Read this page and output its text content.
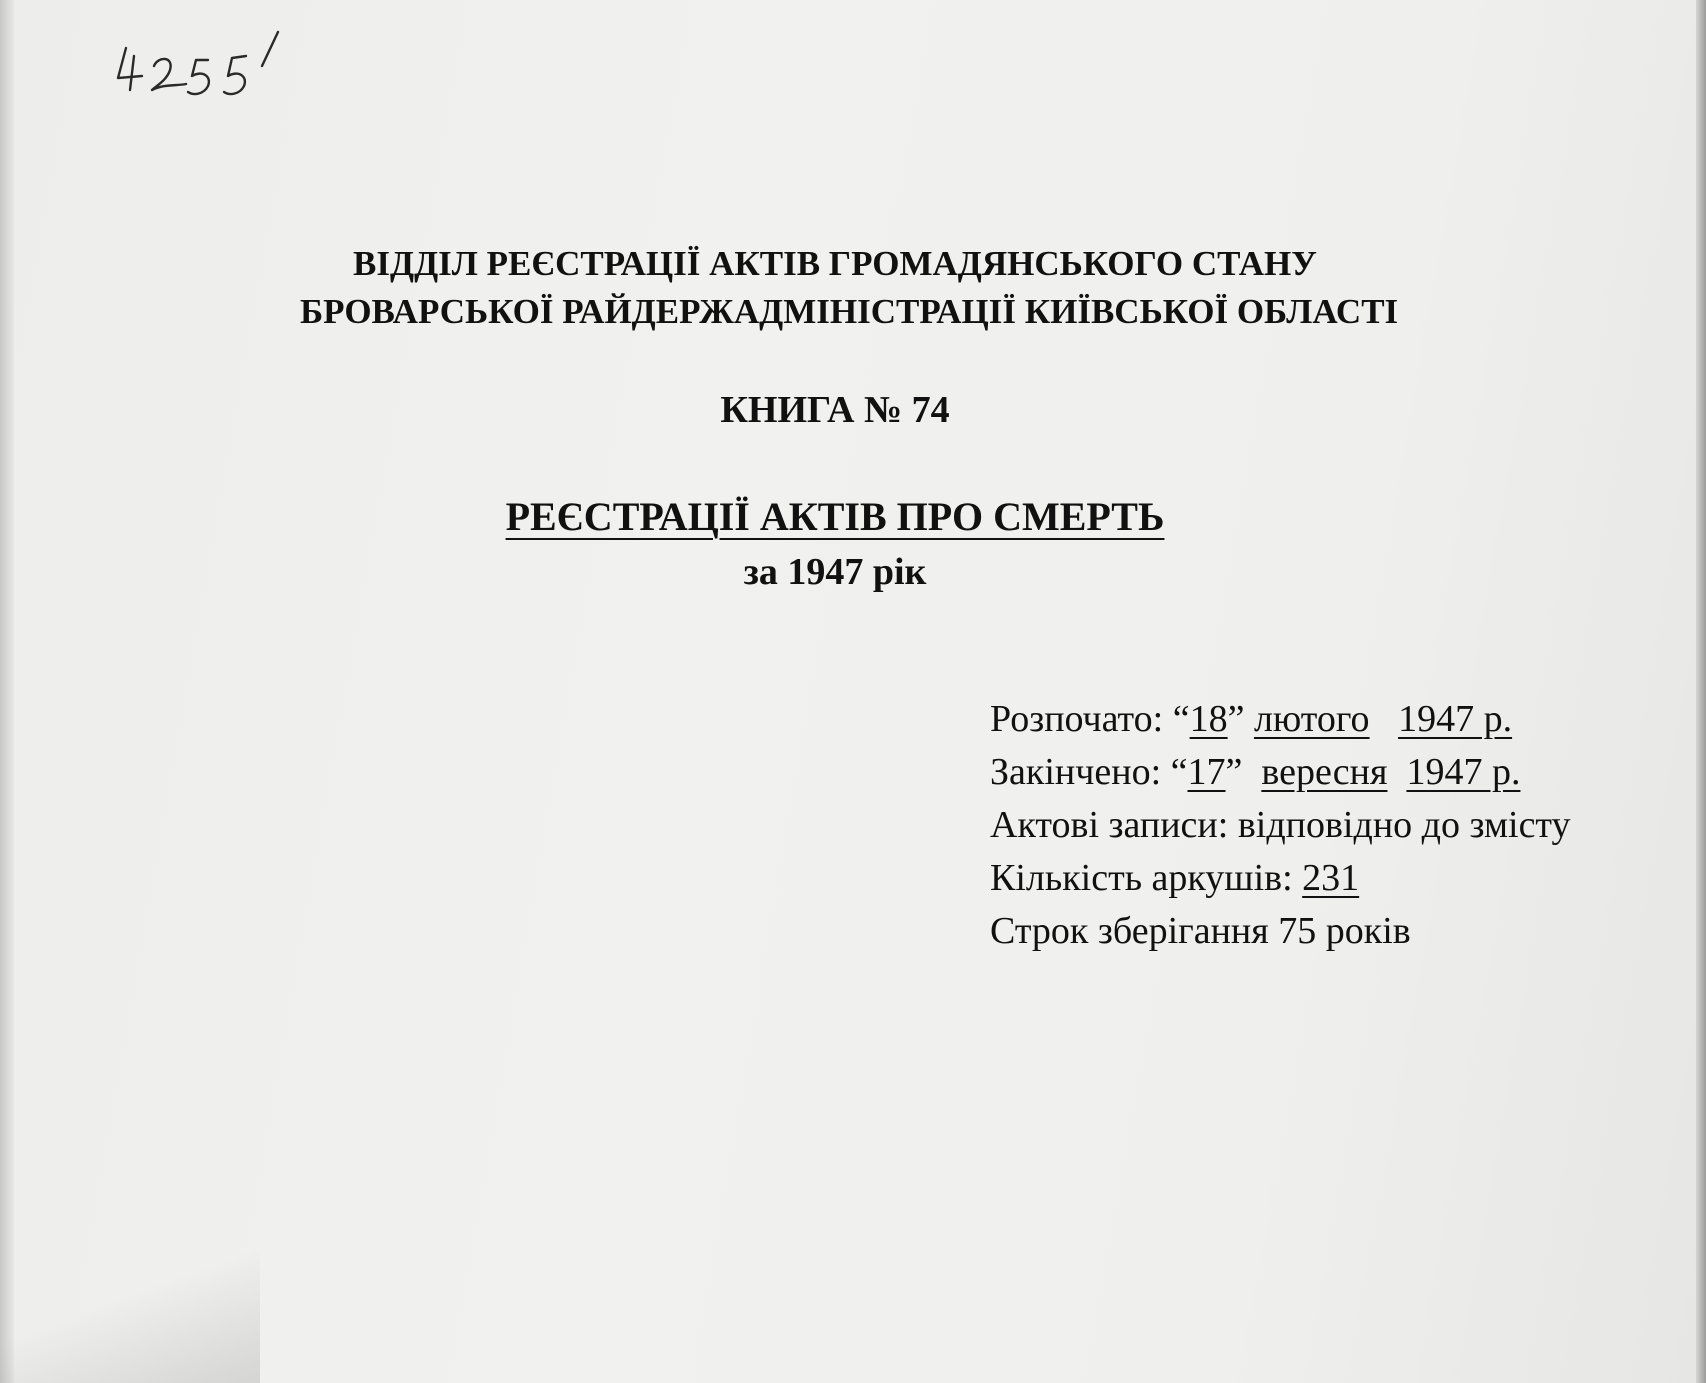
ВІДДІЛ РЕЄСТРАЦІЇ АКТІВ ГРОМАДЯНСЬКОГО СТАНУ
БРОВАРСЬКОЇ РАЙДЕРЖАДМІНІСТРАЦІЇ КИЇВСЬКОЇ ОБЛАСТІ
КНИГА № 74
РЕЄСТРАЦІЇ АКТІВ ПРО СМЕРТЬ
за 1947 рік
Розпочато: “18” лютого 1947 р.
Закінчено: “17” вересня 1947 р.
Актові записи: відповідно до змісту
Кількість аркушів: 231
Строк зберігання 75 років
